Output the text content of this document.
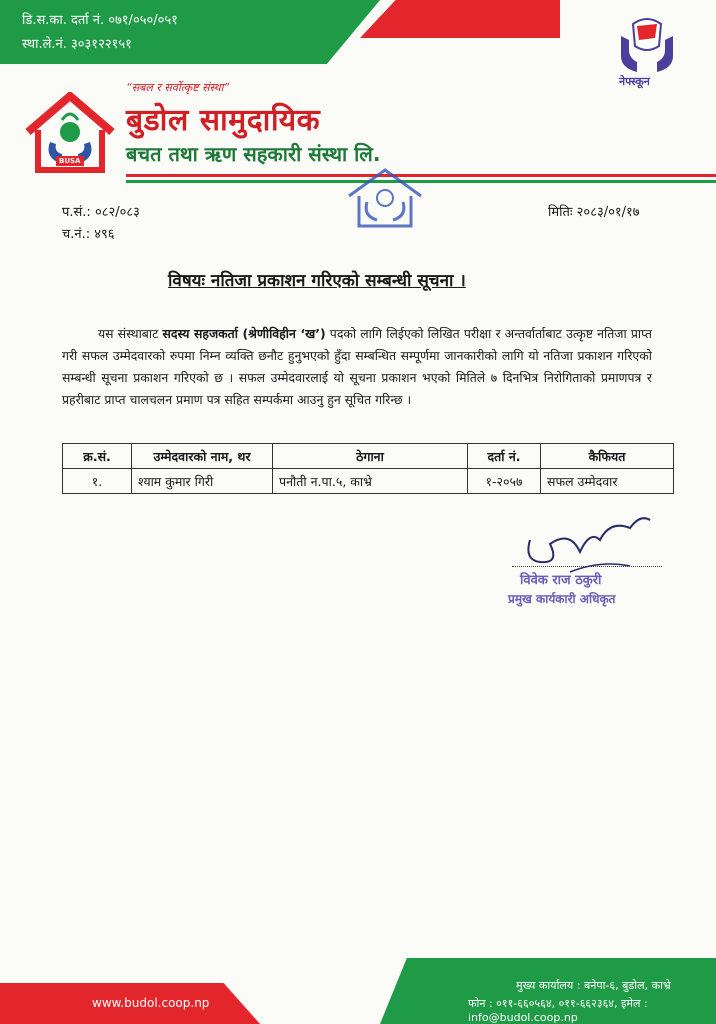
डि.स.का. दर्ता नं. ०७१/०५०/०५१
स्था.ले.नं. ३०३१२२१५१
नेफ्स्कून
BUSA
“सबल र सर्वोत्कृष्ट संस्था”
बुडोल सामुदायिक
बचत तथा ऋण सहकारी संस्था लि.
प.सं.: ०८२/०८३
च.नं.: ४९६
मितिः २०८३/०१/१७
विषयः नतिजा प्रकाशन गरिएको सम्बन्धी सूचना ।
यस संस्थाबाट सदस्य सहजकर्ता (श्रेणीविहीन ‘ख’) पदको लागि लिईएको लिखित परीक्षा र अन्तर्वार्ताबाट उत्कृष्ट नतिजा प्राप्त गरी सफल उम्मेदवारको रुपमा निम्न व्यक्ति छनौट हुनुभएको हुँदा सम्बन्धित सम्पूर्णमा जानकारीको लागि यो नतिजा प्रकाशन गरिएको सम्बन्धी सूचना प्रकाशन गरिएको छ । सफल उम्मेदवारलाई यो सूचना प्रकाशन भएको मितिले ७ दिनभित्र निरोगिताको प्रमाणपत्र र प्रहरीबाट प्राप्त चालचलन प्रमाण पत्र सहित सम्पर्कमा आउनु हुन सूचित गरिन्छ ।
क्र.सं.	उम्मेदवारको नाम, थर	ठेगाना	दर्ता नं.	कैफियत
१.	श्याम कुमार गिरी	पनौती न.पा.५, काभ्रे	१-२०५७	सफल उम्मेदवार
विवेक राज ठकुरी
प्रमुख कार्यकारी अधिकृत
www.budol.coop.np
मुख्य कार्यालय : बनेपा-६, बुडोल, काभ्रे
फोन : ०११-६६०५६४, ०११-६६२३६४, इमेल : info@budol.coop.np
